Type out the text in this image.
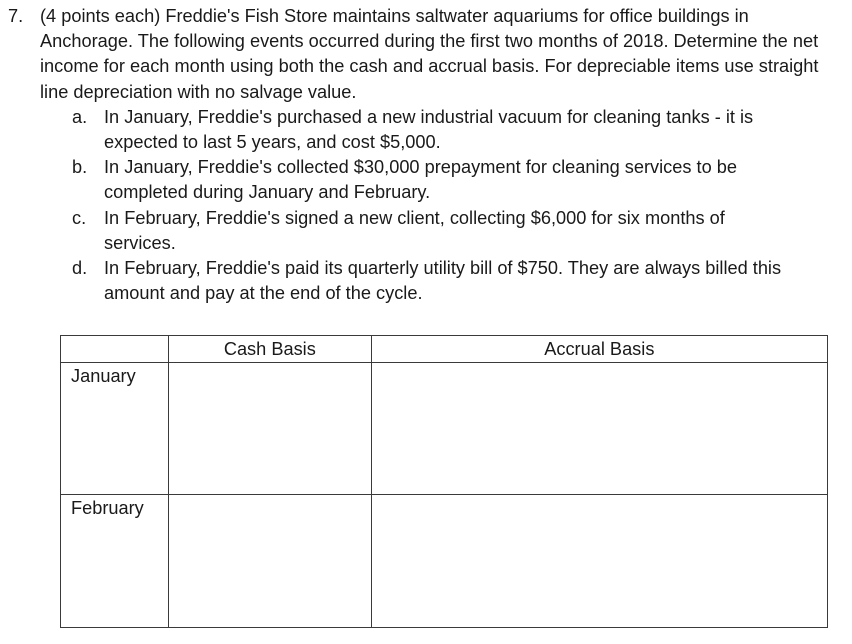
7. (4 points each) Freddie's Fish Store maintains saltwater aquariums for office buildings in Anchorage. The following events occurred during the first two months of 2018. Determine the net income for each month using both the cash and accrual basis. For depreciable items use straight line depreciation with no salvage value.
a. In January, Freddie's purchased a new industrial vacuum for cleaning tanks - it is expected to last 5 years, and cost $5,000.
b. In January, Freddie's collected $30,000 prepayment for cleaning services to be completed during January and February.
c. In February, Freddie's signed a new client, collecting $6,000 for six months of services.
d. In February, Freddie's paid its quarterly utility bill of $750. They are always billed this amount and pay at the end of the cycle.
	Cash Basis	Accrual Basis
January		
February		
